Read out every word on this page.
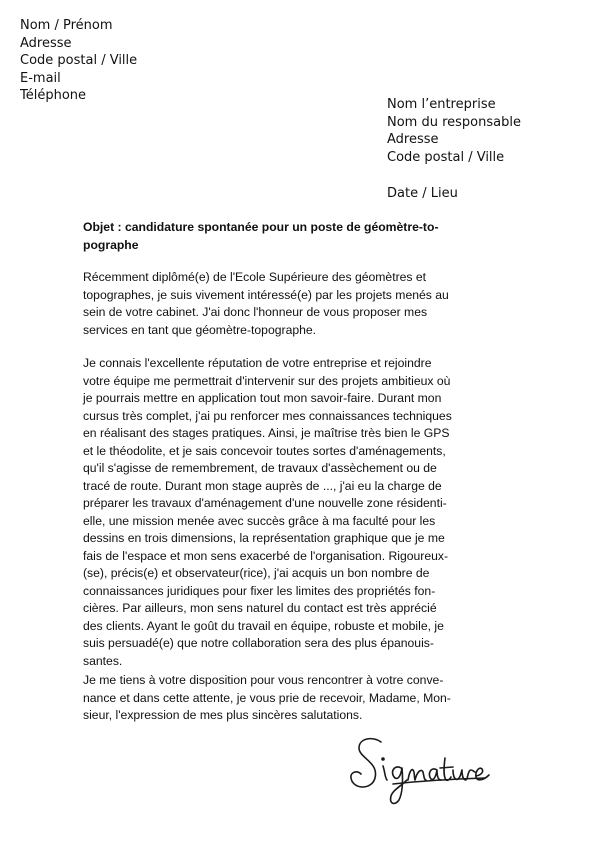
Nom / Prénom
Adresse
Code postal / Ville
E-mail
Téléphone
Nom l’entreprise
Nom du responsable
Adresse
Code postal / Ville
Date / Lieu
Objet : candidature spontanée pour un poste de géomètre-to-
pographe
Récemment diplômé(e) de l'Ecole Supérieure des géomètres et
topographes, je suis vivement intéressé(e) par les projets menés au
sein de votre cabinet. J'ai donc l'honneur de vous proposer mes
services en tant que géomètre-topographe.
Je connais l'excellente réputation de votre entreprise et rejoindre
votre équipe me permettrait d'intervenir sur des projets ambitieux où
je pourrais mettre en application tout mon savoir-faire. Durant mon
cursus très complet, j'ai pu renforcer mes connaissances techniques
en réalisant des stages pratiques. Ainsi, je maîtrise très bien le GPS
et le théodolite, et je sais concevoir toutes sortes d'aménagements,
qu'il s'agisse de remembrement, de travaux d'assèchement ou de
tracé de route. Durant mon stage auprès de ..., j'ai eu la charge de
préparer les travaux d'aménagement d'une nouvelle zone résidenti-
elle, une mission menée avec succès grâce à ma faculté pour les
dessins en trois dimensions, la représentation graphique que je me
fais de l'espace et mon sens exacerbé de l'organisation. Rigoureux-
(se), précis(e) et observateur(rice), j'ai acquis un bon nombre de
connaissances juridiques pour fixer les limites des propriétés fon-
cières. Par ailleurs, mon sens naturel du contact est très apprécié
des clients. Ayant le goût du travail en équipe, robuste et mobile, je
suis persuadé(e) que notre collaboration sera des plus épanouis-
santes.
Je me tiens à votre disposition pour vous rencontrer à votre conve-
nance et dans cette attente, je vous prie de recevoir, Madame, Mon-
sieur, l'expression de mes plus sincères salutations.
